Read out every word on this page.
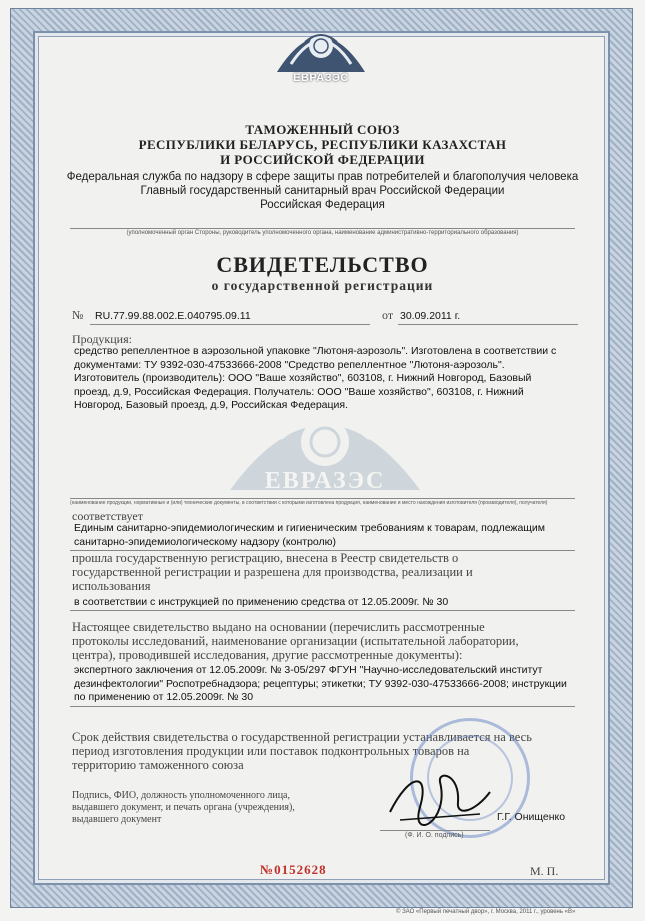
ЕВРАЗЭС
ТАМОЖЕННЫЙ СОЮЗ
РЕСПУБЛИКИ БЕЛАРУСЬ, РЕСПУБЛИКИ КАЗАХСТАН
И РОССИЙСКОЙ ФЕДЕРАЦИИ
Федеральная служба по надзору в сфере защиты прав потребителей и благополучия человека
Главный государственный санитарный врач Российской Федерации
Российская Федерация
(уполномоченный орган Стороны, руководитель уполномоченного органа, наименование административно-территориального образования)
СВИДЕТЕЛЬСТВО
о государственной регистрации
№ RU.77.99.88.002.E.040795.09.11	от 30.09.2011 г.
Продукция:
средство репеллентное в аэрозольной упаковке "Лютоня-аэрозоль". Изготовлена в соответствии с
документами: ТУ 9392-030-47533666-2008 "Средство репеллентное "Лютоня-аэрозоль".
Изготовитель (производитель): ООО "Ваше хозяйство", 603108, г. Нижний Новгород, Базовый
проезд, д.9, Российская Федерация. Получатель: ООО "Ваше хозяйство", 603108, г. Нижний
Новгород, Базовый проезд, д.9, Российская Федерация.
ЕВРАЗЭС
(наименование продукции, нормативные и (или) технические документы, в соответствии с которыми изготовлена продукция, наименование и место нахождения изготовителя (производителя), получателя)
соответствует
Единым санитарно-эпидемиологическим и гигиеническим требованиям к товарам, подлежащим
санитарно-эпидемиологическому надзору (контролю)
прошла государственную регистрацию, внесена в Реестр свидетельств о
государственной регистрации и разрешена для производства, реализации и
использования
в соответствии с инструкцией по применению средства от 12.05.2009г. № 30
Настоящее свидетельство выдано на основании (перечислить рассмотренные
протоколы исследований, наименование организации (испытательной лаборатории,
центра), проводившей исследования, другие рассмотренные документы):
экспертного заключения от 12.05.2009г. № 3-05/297 ФГУН "Научно-исследовательский институт
дезинфектологии" Роспотребнадзора; рецептуры; этикетки; ТУ 9392-030-47533666-2008; инструкции
по применению от 12.05.2009г. № 30
Срок действия свидетельства о государственной регистрации устанавливается на весь
период изготовления продукции или поставок подконтрольных товаров на
территорию таможенного союза
Подпись, ФИО, должность уполномоченного лица,
выдавшего документ, и печать органа (учреждения),
выдавшего документ
(Ф. И. О. подпись)
Г.Г. Онищенко
№0152628	М. П.
© ЗАО «Первый печатный двор», г. Москва, 2011 г., уровень «В»
